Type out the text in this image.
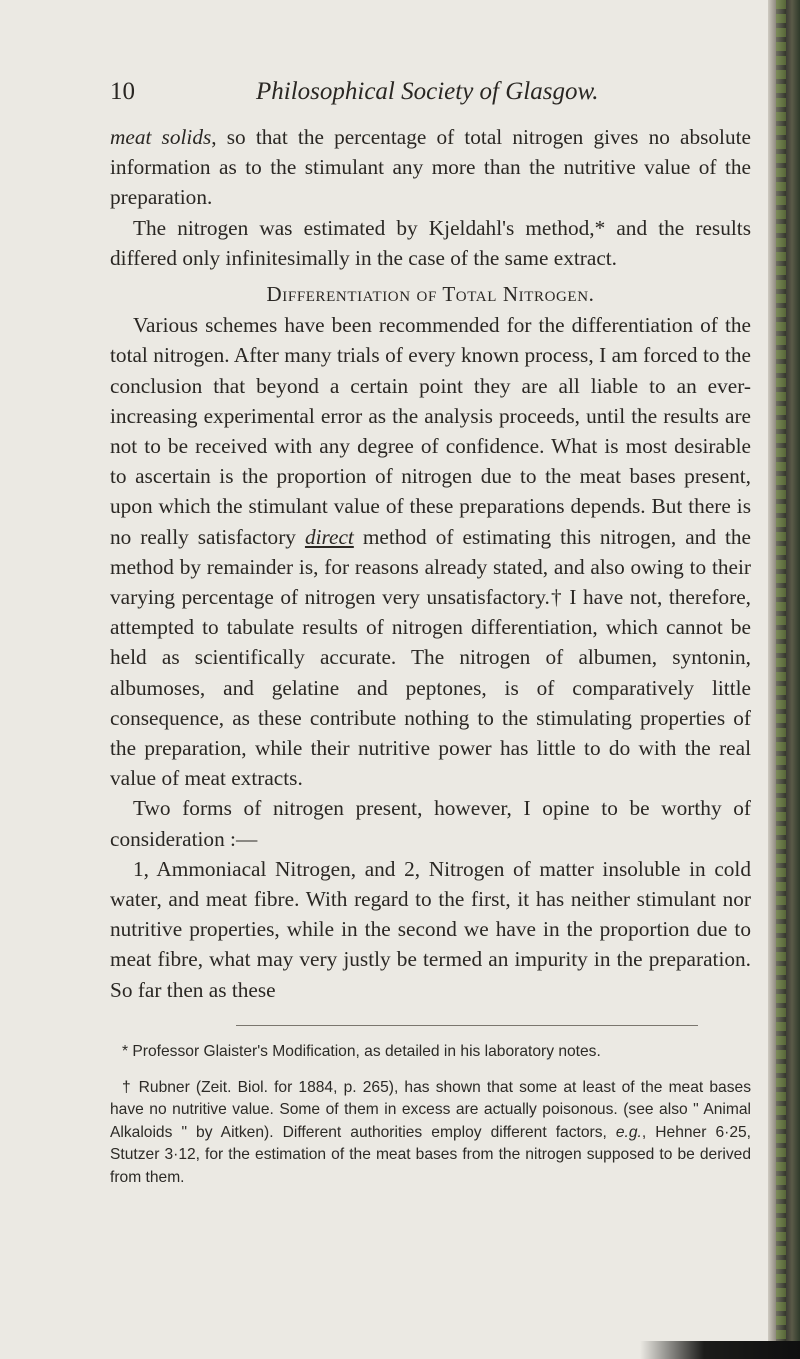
10	Philosophical Society of Glasgow.

meat solids, so that the percentage of total nitrogen gives no absolute information as to the stimulant any more than the nutritive value of the preparation.

The nitrogen was estimated by Kjeldahl's method,* and the results differed only infinitesimally in the case of the same extract.

Differentiation of Total Nitrogen.

Various schemes have been recommended for the differentiation of the total nitrogen. After many trials of every known process, I am forced to the conclusion that beyond a certain point they are all liable to an ever-increasing experimental error as the analysis proceeds, until the results are not to be received with any degree of confidence. What is most desirable to ascertain is the proportion of nitrogen due to the meat bases present, upon which the stimulant value of these preparations depends. But there is no really satisfactory direct method of estimating this nitrogen, and the method by remainder is, for reasons already stated, and also owing to their varying percentage of nitrogen very unsatisfactory.† I have not, therefore, attempted to tabulate results of nitrogen differentiation, which cannot be held as scientifically accurate. The nitrogen of albumen, syntonin, albumoses, and gelatine and peptones, is of comparatively little consequence, as these contribute nothing to the stimulating properties of the preparation, while their nutritive power has little to do with the real value of meat extracts.

Two forms of nitrogen present, however, I opine to be worthy of consideration :—

1, Ammoniacal Nitrogen, and 2, Nitrogen of matter insoluble in cold water, and meat fibre. With regard to the first, it has neither stimulant nor nutritive properties, while in the second we have in the proportion due to meat fibre, what may very justly be termed an impurity in the preparation. So far then as these

* Professor Glaister's Modification, as detailed in his laboratory notes.

† Rubner (Zeit. Biol. for 1884, p. 265), has shown that some at least of the meat bases have no nutritive value. Some of them in excess are actually poisonous. (see also " Animal Alkaloids " by Aitken). Different authorities employ different factors, e.g., Hehner 6·25, Stutzer 3·12, for the estimation of the meat bases from the nitrogen supposed to be derived from them.
